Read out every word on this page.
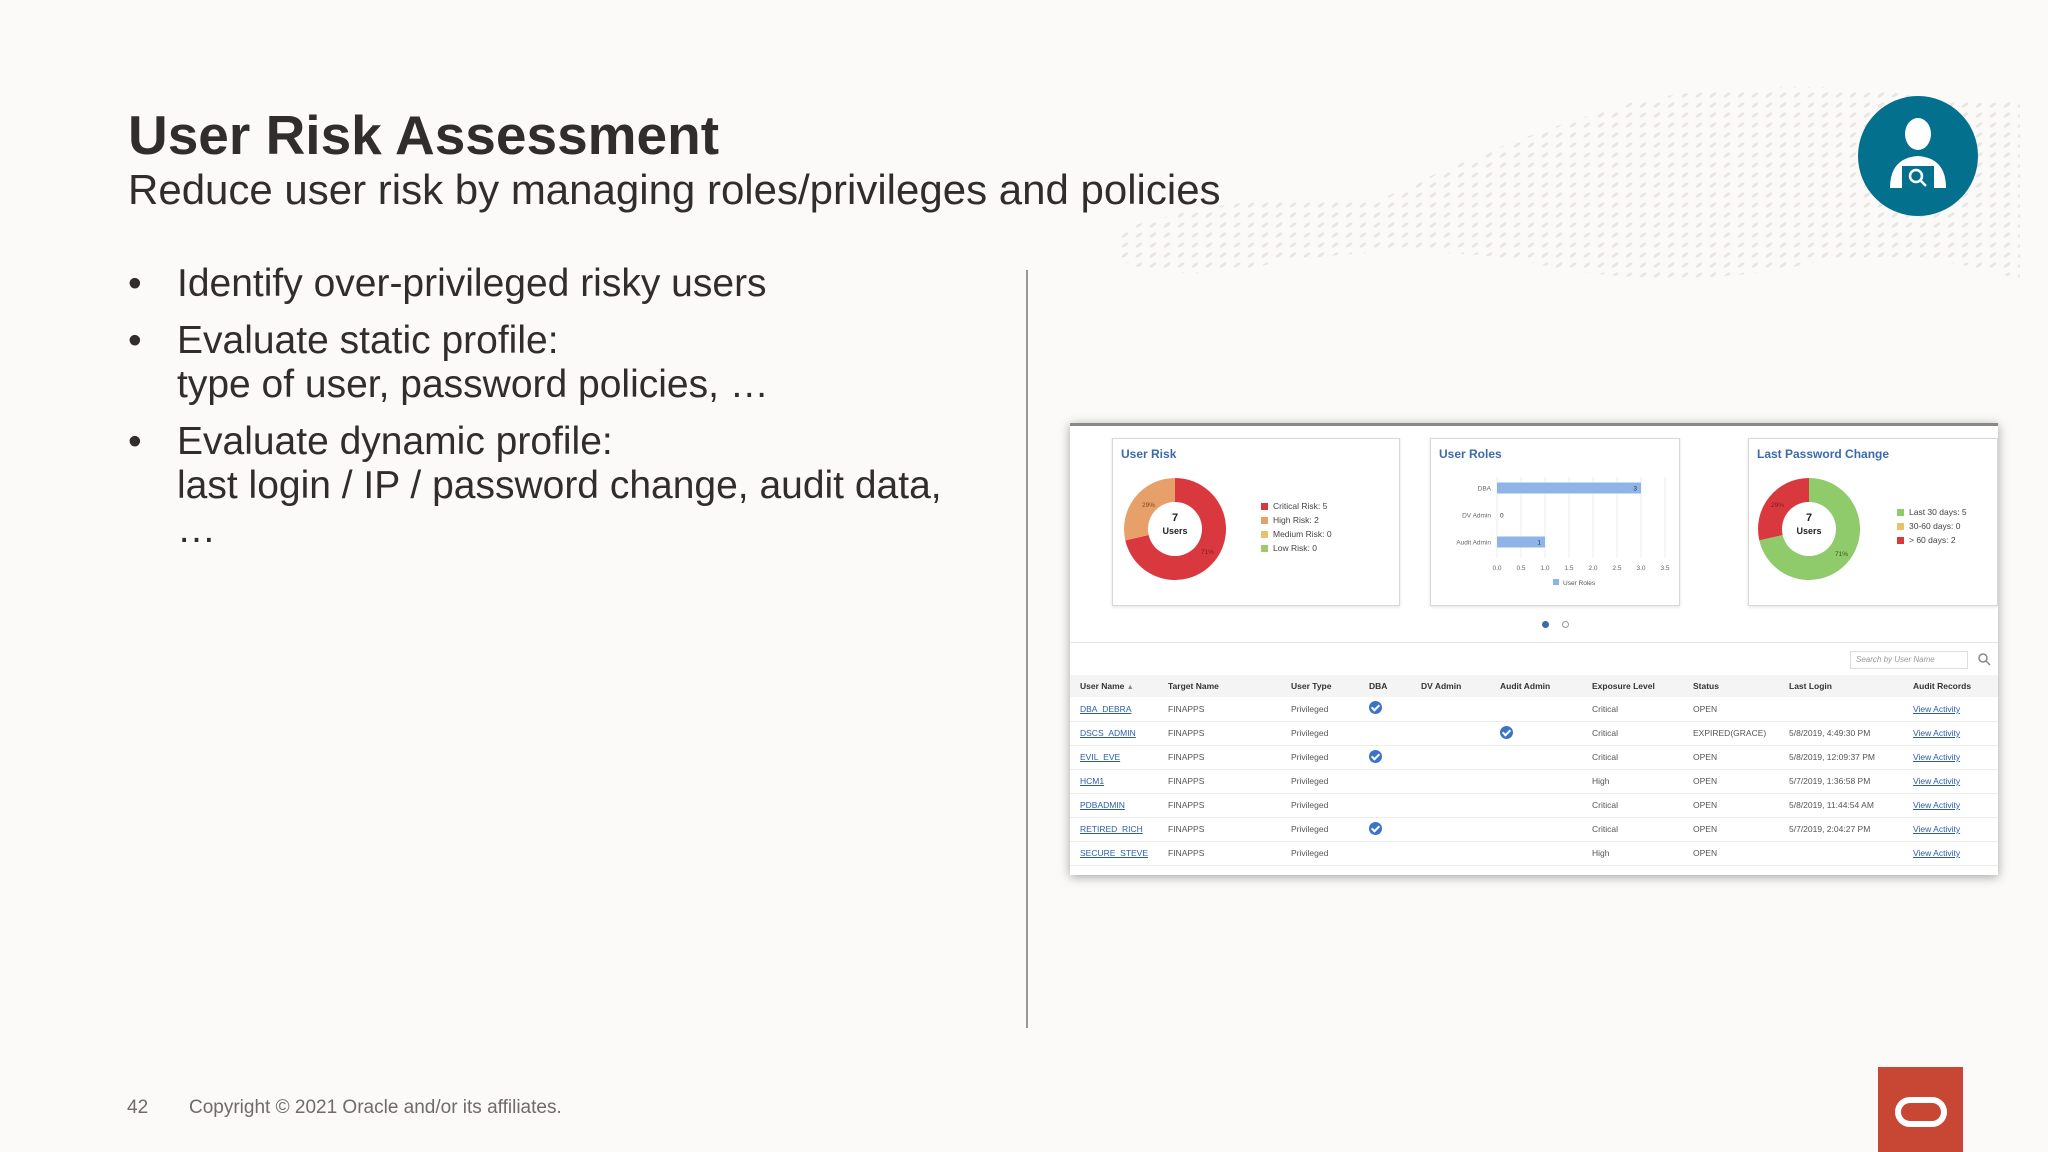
User Risk Assessment
Reduce user risk by managing roles/privileges and policies
• Identify over-privileged risky users
• Evaluate static profile:
type of user, password policies, …
• Evaluate dynamic profile:
last login / IP / password change, audit data,
…
User Risk
7
Users
29%
71%
Critical Risk: 5
High Risk: 2
Medium Risk: 0
Low Risk: 0
User Roles
0.0 0.5 1.0 1.5 2.0 2.5 3.0 3.5
DBA
DV Admin
Audit Admin
3
0
1
User Roles
Last Password Change
7
Users
29%
71%
Last 30 days: 5
30-60 days: 0
> 60 days: 2
Search by User Name
User Name ▲	Target Name	User Type	DBA	DV Admin	Audit Admin	Exposure Level	Status	Last Login	Audit Records
DBA_DEBRA	FINAPPS	Privileged				Critical	OPEN		View Activity
DSCS_ADMIN	FINAPPS	Privileged				Critical	EXPIRED(GRACE)	5/8/2019, 4:49:30 PM	View Activity
EVIL_EVE	FINAPPS	Privileged				Critical	OPEN	5/8/2019, 12:09:37 PM	View Activity
HCM1	FINAPPS	Privileged				High	OPEN	5/7/2019, 1:36:58 PM	View Activity
PDBADMIN	FINAPPS	Privileged				Critical	OPEN	5/8/2019, 11:44:54 AM	View Activity
RETIRED_RICH	FINAPPS	Privileged				Critical	OPEN	5/7/2019, 2:04:27 PM	View Activity
SECURE_STEVE	FINAPPS	Privileged				High	OPEN		View Activity
42 Copyright © 2021 Oracle and/or its affiliates.
